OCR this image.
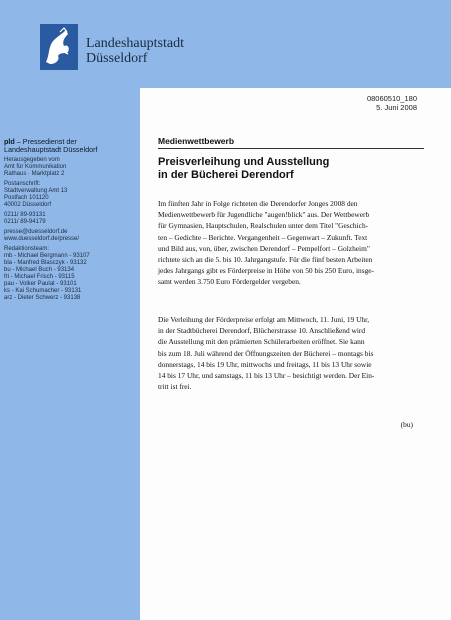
Landeshauptstadt
Düsseldorf
08060510_180
5. Juni 2008
pld – Pressedienst der
Landeshauptstadt Düsseldorf
Herausgegeben vom
Amt für Kommunikation
Rathaus · Marktplatz 2
Postanschrift:
Stadtverwaltung Amt 13
Postfach 101120
40002 Düsseldorf
0211/ 89-93131
0211/ 89-94179
presse@duesseldorf.de
www.duesseldorf.de/presse/
Redaktionsteam:
mb - Michael Bergmann - 93107
bla - Manfred Blasczyk - 93132
bu - Michael Buch - 93134
fri - Michael Frisch - 93115
pau - Volker Paulat - 93101
ks - Kai Schumacher - 93131
arz - Dieter Schwerz - 93138
Medienwettbewerb
Preisverleihung und Ausstellung
in der Bücherei Derendorf
Im fünften Jahr in Folge richteten die Derendorfer Jonges 2008 den
Medienwettbewerb für Jugendliche "augen!blick" aus. Der Wettbewerb
für Gymnasien, Hauptschulen, Realschulen unter dem Titel "Geschich-
ten – Gedichte – Berichte. Vergangenheit – Gegenwart – Zukunft. Text
und Bild aus, von, über, zwischen Derendorf – Pempelfort – Golzheim"
richtete sich an die 5. bis 10. Jahrgangstufe. Für die fünf besten Arbeiten
jedes Jahrgangs gibt es Förderpreise in Höhe von 50 bis 250 Euro, insge-
samt werden 3.750 Euro Fördergelder vergeben.
Die Verleihung der Förderpreise erfolgt am Mittwoch, 11. Juni, 19 Uhr,
in der Stadtbücherei Derendorf, Blücherstrasse 10. Anschließend wird
die Ausstellung mit den prämierten Schülerarbeiten eröffnet. Sie kann
bis zum 18. Juli während der Öffnungszeiten der Bücherei – montags bis
donnerstags, 14 bis 19 Uhr, mittwochs und freitags, 11 bis 13 Uhr sowie
14 bis 17 Uhr, und samstags, 11 bis 13 Uhr – besichtigt werden. Der Ein-
tritt ist frei.
(bu)
